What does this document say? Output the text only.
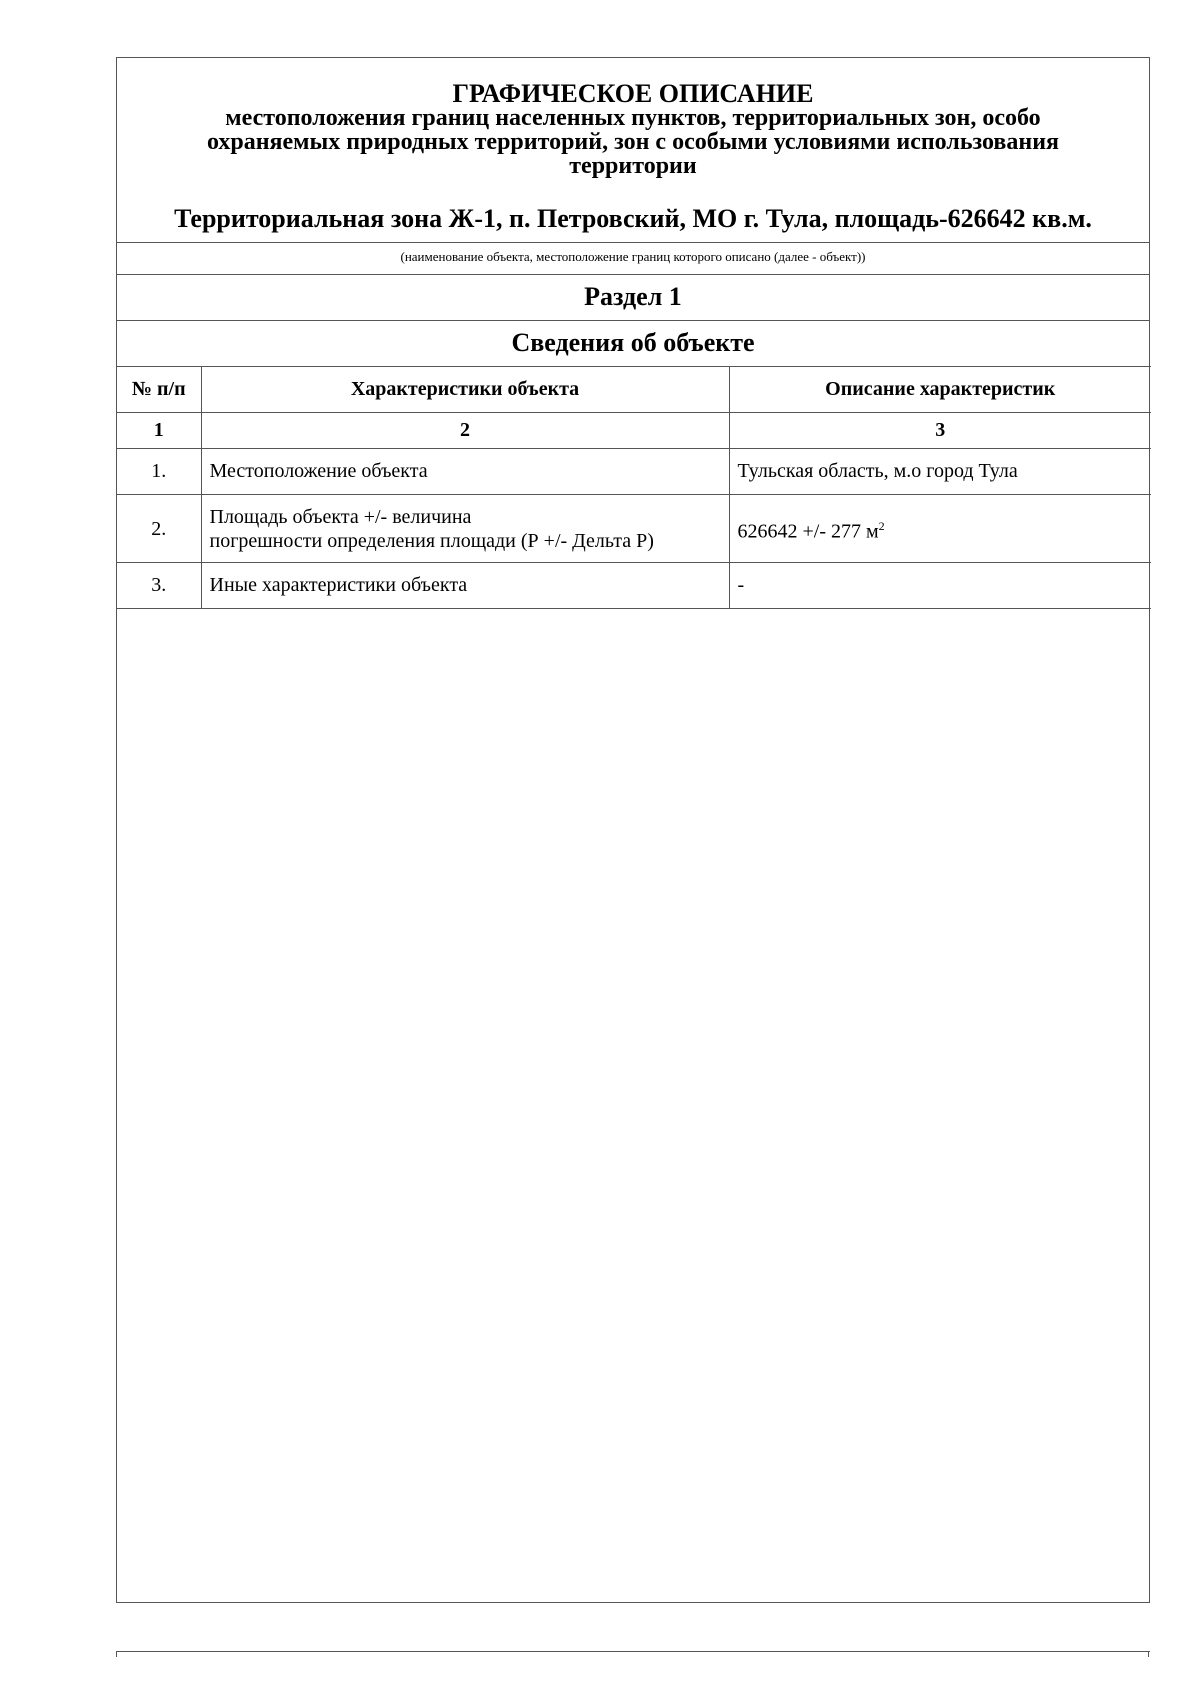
ГРАФИЧЕСКОЕ ОПИСАНИЕ

местоположения границ населенных пунктов, территориальных зон, особо

охраняемых природных территорий, зон с особыми условиями использования

территории

Территориальная зона Ж-1, п. Петровский, МО г. Тула, площадь-626642 кв.м.
(наименование объекта, местоположение границ которого описано (далее - объект))
Раздел 1
Сведения об объекте
№ п/п	Характеристики объекта	Описание характеристик
1	2	3
1.	Местоположение объекта	Тульская область, м.о город Тула
2.	Площадь объекта +/- величина
погрешности определения площади (Р +/- Дельта Р)	626642 +/- 277 $м^2$
3.	Иные характеристики объекта	-
